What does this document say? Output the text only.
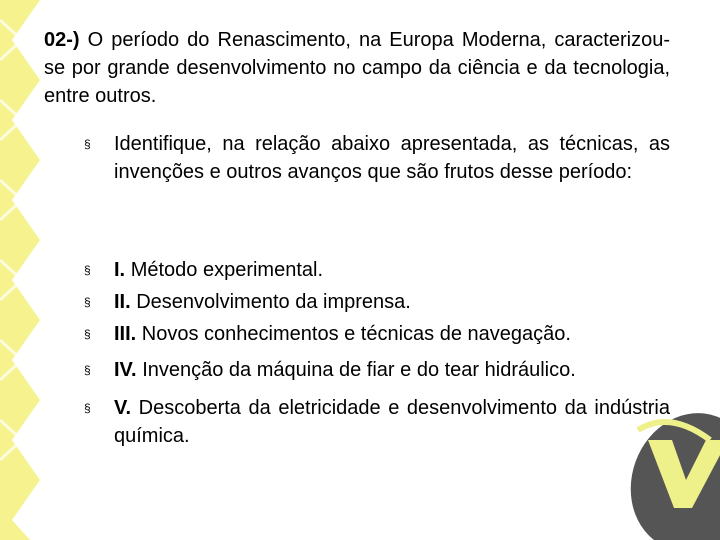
02-) O período do Renascimento, na Europa Moderna, caracterizou-se por grande desenvolvimento no campo da ciência e da tecnologia, entre outros.
§	Identifique, na relação abaixo apresentada, as técnicas, as invenções e outros avanços que são frutos desse período:
§	I. Método experimental.
§	II. Desenvolvimento da imprensa.
§	III. Novos conhecimentos e técnicas de navegação.
§	IV. Invenção da máquina de fiar e do tear hidráulico.
§	V. Descoberta da eletricidade e desenvolvimento da indústria química.
